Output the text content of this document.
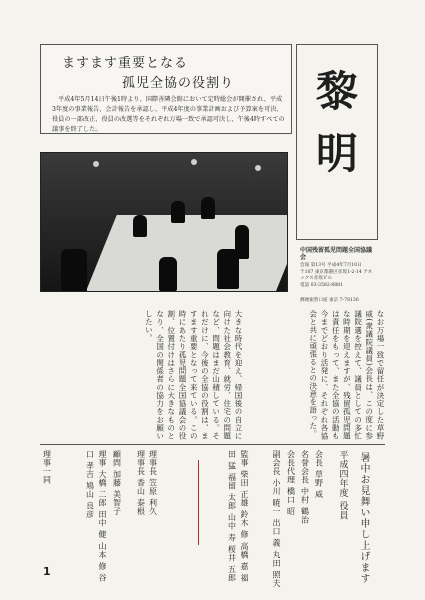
ますます重要となる
孤児全協の役割り
平成4年5月14日午後1時より、国際善隣会館において定時総会が開催され、平成3年度の事業報告、会計報告を承認し、平成4年度の事業計画および予算案を可決、役員の一部改正、役員の改選等をそれぞれ万場一致で承認可決し、午後4時すべての議事を終了した。
黎明
中国残留孤児問題全国協議会
会報 第13号 平成4年7月10日
〒107 東京都港区赤坂1-2-14 アネックス赤坂ビル
電話 03-3582-8881
郵便振替口座 東京 7-78136
なお万場一致で留任が決定した草野威(衆議院議員)会長は、この度に参議院選を控えて、議員としての多忙な時期を迎えますが、残留孤児問題は責任をもって、また全協の活動も今までどおり活発に、それぞれ各協会と共に頑張るとの決意を語った。
大きな時代を迎え、帰国後の自立に向けた社会教育、就労、住宅の問題など、問題はまだ山積している。それだけに、今後の全協の役割は、ますます重要となって来ている。この時にあたり孤児問題全国協議会の役割、位置付けはさらに大きなものとなり、全国の関係者の協力をお願いしたい。
暑中お見舞い申し上げます
平成四年度 役員
会長 草野 威
名誉会長 中村 鶴治
会長代理 橋口 昭
副会長 小川 暁一 出口 義 丸田 照夫
監事 柴田 正雄 鈴木 修 高橋 嘉 福田 猛 福留 太郎 山中 寿 桜井 五郎
理事長 笠原 利久
理事長 香山 泰根
顧問 加藤 美智子
理事 大橋 二郎 田中 健 山本 修 谷口 孝吉 鳩山 良彦
理事一同
1
